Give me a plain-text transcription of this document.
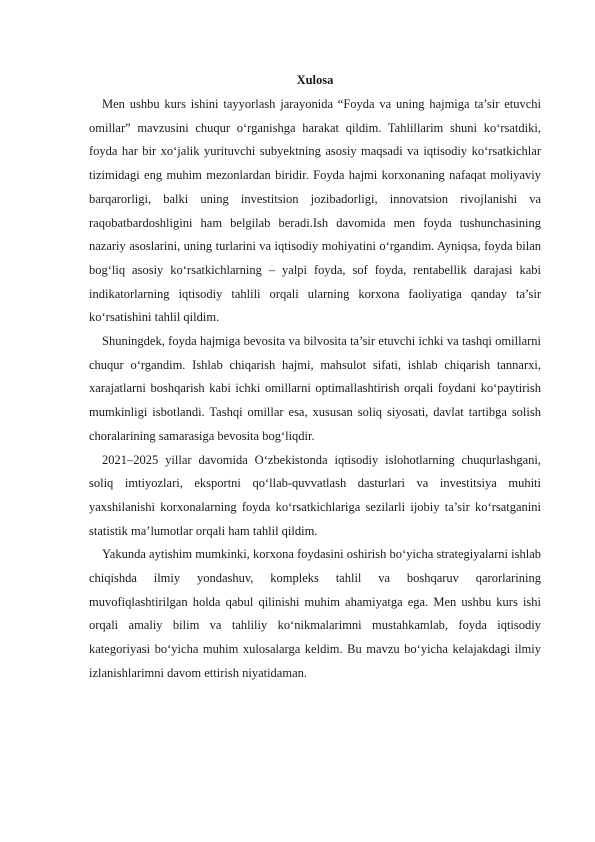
Xulosa

Men ushbu kurs ishini tayyorlash jarayonida “Foyda va uning hajmiga ta’sir etuvchi omillar” mavzusini chuqur o‘rganishga harakat qildim. Tahlillarim shuni ko‘rsatdiki, foyda har bir xo‘jalik yurituvchi subyektning asosiy maqsadi va iqtisodiy ko‘rsatkichlar tizimidagi eng muhim mezonlardan biridir. Foyda hajmi korxonaning nafaqat moliyaviy barqarorligi, balki uning investitsion jozibadorligi, innovatsion rivojlanishi va raqobatbardoshligini ham belgilab beradi.Ish davomida men foyda tushunchasining nazariy asoslarini, uning turlarini va iqtisodiy mohiyatini o‘rgandim. Ayniqsa, foyda bilan bog‘liq asosiy ko‘rsatkichlarning – yalpi foyda, sof foyda, rentabellik darajasi kabi indikatorlarning iqtisodiy tahlili orqali ularning korxona faoliyatiga qanday ta’sir ko‘rsatishini tahlil qildim.

Shuningdek, foyda hajmiga bevosita va bilvosita ta’sir etuvchi ichki va tashqi omillarni chuqur o‘rgandim. Ishlab chiqarish hajmi, mahsulot sifati, ishlab chiqarish tannarxi, xarajatlarni boshqarish kabi ichki omillarni optimallashtirish orqali foydani ko‘paytirish mumkinligi isbotlandi. Tashqi omillar esa, xususan soliq siyosati, davlat tartibga solish choralarining samarasiga bevosita bog‘liqdir.

2021–2025 yillar davomida O‘zbekistonda iqtisodiy islohotlarning chuqurlashgani, soliq imtiyozlari, eksportni qo‘llab-quvvatlash dasturlari va investitsiya muhiti yaxshilanishi korxonalarning foyda ko‘rsatkichlariga sezilarli ijobiy ta’sir ko‘rsatganini statistik ma’lumotlar orqali ham tahlil qildim.

Yakunda aytishim mumkinki, korxona foydasini oshirish bo‘yicha strategiyalarni ishlab chiqishda ilmiy yondashuv, kompleks tahlil va boshqaruv qarorlarining muvofiqlashtirilgan holda qabul qilinishi muhim ahamiyatga ega. Men ushbu kurs ishi orqali amaliy bilim va tahliliy ko‘nikmalarimni mustahkamlab, foyda iqtisodiy kategoriyasi bo‘yicha muhim xulosalarga keldim. Bu mavzu bo‘yicha kelajakdagi ilmiy izlanishlarimni davom ettirish niyatidaman.
